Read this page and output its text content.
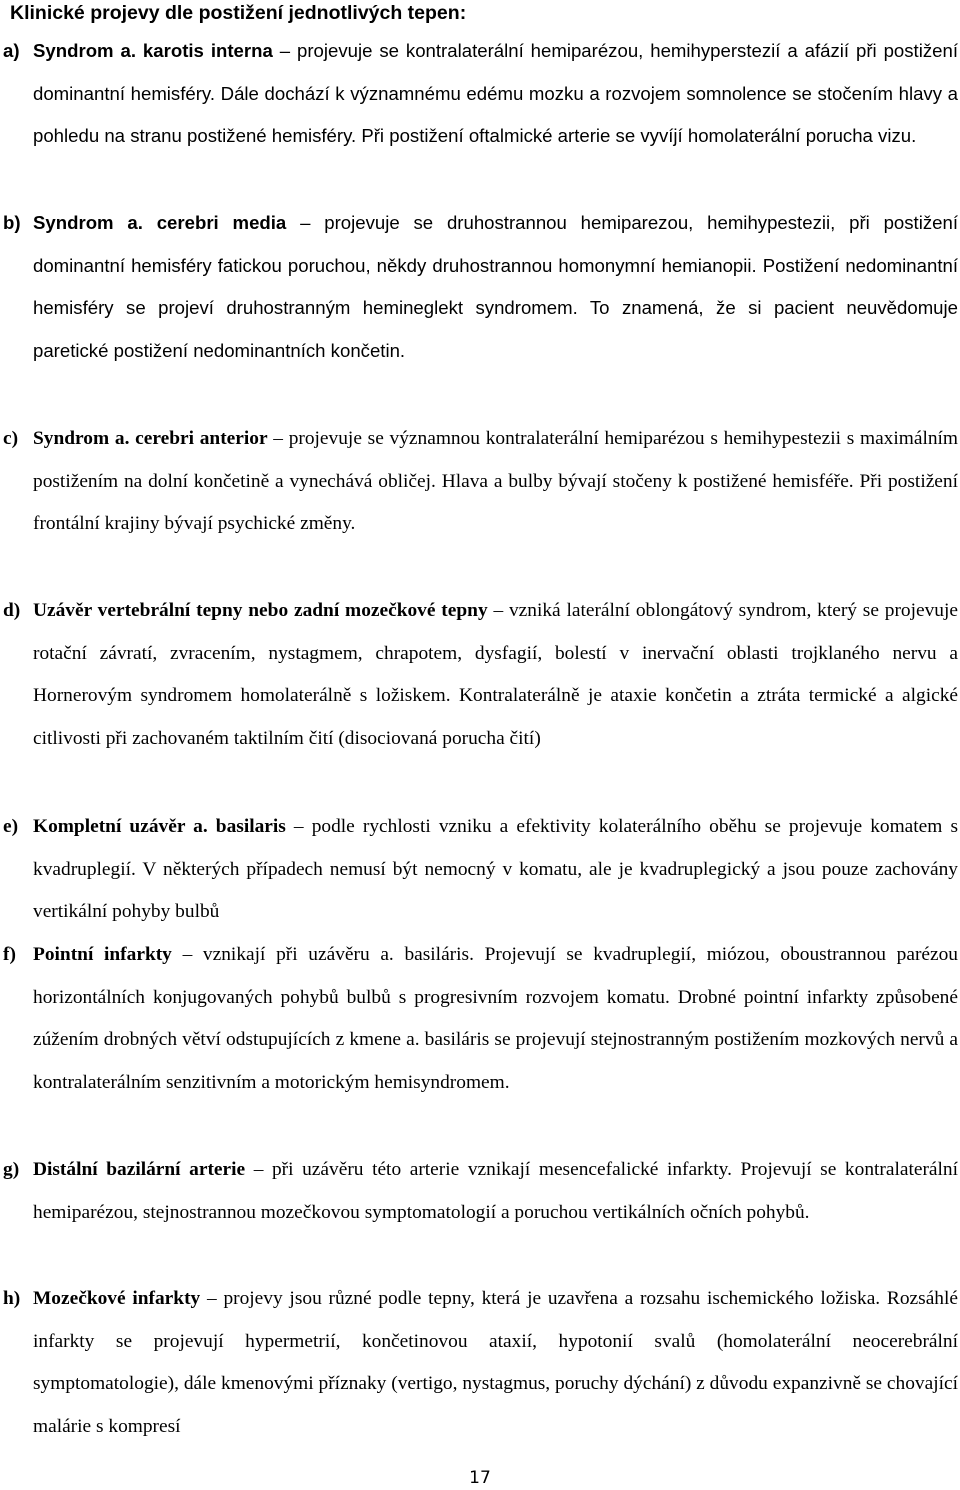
Klinické projevy dle postižení jednotlivých tepen:
a) Syndrom a. karotis interna – projevuje se kontralaterální hemiparézou, hemihyperstezií a afázií při postižení dominantní hemisféry. Dále dochází k významnému edému mozku a rozvojem somnolence se stočením hlavy a pohledu na stranu postižené hemisféry. Při postižení oftalmické arterie se vyvíjí homolaterální porucha vizu.
b) Syndrom a. cerebri media – projevuje se druhostrannou hemiparezou, hemihypestezii, při postižení dominantní hemisféry fatickou poruchou, někdy druhostrannou homonymní hemianopii. Postižení nedominantní hemisféry se projeví druhostranným hemineglekt syndromem. To znamená, že si pacient neuvědomuje paretické postižení nedominantních končetin.
c) Syndrom a. cerebri anterior – projevuje se významnou kontralaterální hemiparézou s hemihypestezii s maximálním postižením na dolní končetině a vynechává obličej. Hlava a bulby bývají stočeny k postižené hemisféře. Při postižení frontální krajiny bývají psychické změny.
d) Uzávěr vertebrální tepny nebo zadní mozečkové tepny – vzniká laterální oblongátový syndrom, který se projevuje rotační závratí, zvracením, nystagmem, chrapotem, dysfagií, bolestí v inervační oblasti trojklaného nervu a Hornerovým syndromem homolaterálně s ložiskem. Kontralaterálně je ataxie končetin a ztráta termické a algické citlivosti při zachovaném taktilním čití (disociovaná porucha čití)
e) Kompletní uzávěr a. basilaris – podle rychlosti vzniku a efektivity kolaterálního oběhu se projevuje komatem s kvadruplegií. V některých případech nemusí být nemocný v komatu, ale je kvadruplegický a jsou pouze zachovány vertikální pohyby bulbů
f) Pointní infarkty – vznikají při uzávěru a. basiláris. Projevují se kvadruplegií, miózou, oboustrannou parézou horizontálních konjugovaných pohybů bulbů s progresivním rozvojem komatu. Drobné pointní infarkty způsobené zúžením drobných větví odstupujících z kmene a. basiláris se projevují stejnostranným postižením mozkových nervů a kontralaterálním senzitivním a motorickým hemisyndromem.
g) Distální bazilární arterie – při uzávěru této arterie vznikají mesencefalické infarkty. Projevují se kontralaterální hemiparézou, stejnostrannou mozečkovou symptomatologií a poruchou vertikálních očních pohybů.
h) Mozečkové infarkty – projevy jsou různé podle tepny, která je uzavřena a rozsahu ischemického ložiska. Rozsáhlé infarkty se projevují hypermetrií, končetinovou ataxií, hypotonií svalů (homolaterální neocerebrální symptomatologie), dále kmenovými příznaky (vertigo, nystagmus, poruchy dýchání) z důvodu expanzivně se chovající malárie s kompresí
17
